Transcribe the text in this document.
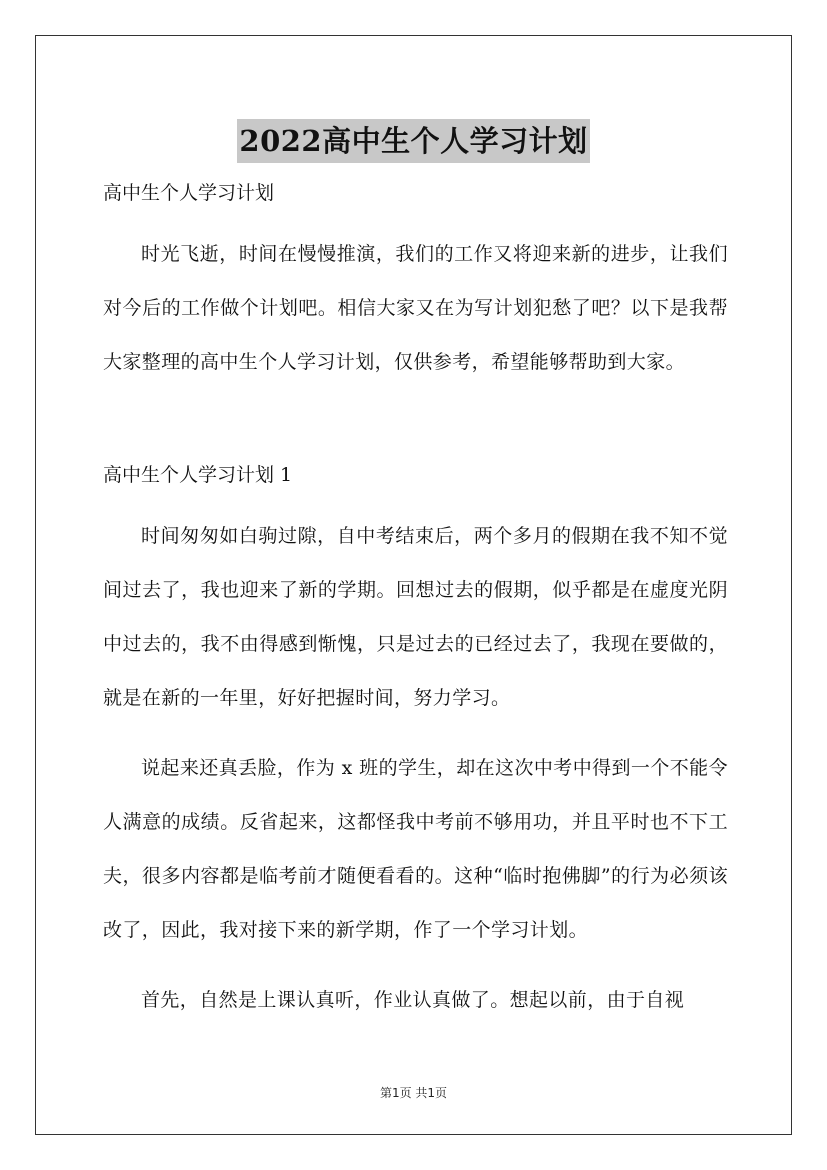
2022高中生个人学习计划
高中生个人学习计划

时光飞逝，时间在慢慢推演，我们的工作又将迎来新的进步，让我们对今后的工作做个计划吧。相信大家又在为写计划犯愁了吧？以下是我帮大家整理的高中生个人学习计划，仅供参考，希望能够帮助到大家。

高中生个人学习计划 1

时间匆匆如白驹过隙，自中考结束后，两个多月的假期在我不知不觉间过去了，我也迎来了新的学期。回想过去的假期，似乎都是在虚度光阴中过去的，我不由得感到惭愧，只是过去的已经过去了，我现在要做的，就是在新的一年里，好好把握时间，努力学习。

说起来还真丢脸，作为 x 班的学生，却在这次中考中得到一个不能令人满意的成绩。反省起来，这都怪我中考前不够用功，并且平时也不下工夫，很多内容都是临考前才随便看看的。这种“临时抱佛脚”的行为必须该改了，因此，我对接下来的新学期，作了一个学习计划。

首先，自然是上课认真听，作业认真做了。想起以前，由于自视

第1页 共1页
